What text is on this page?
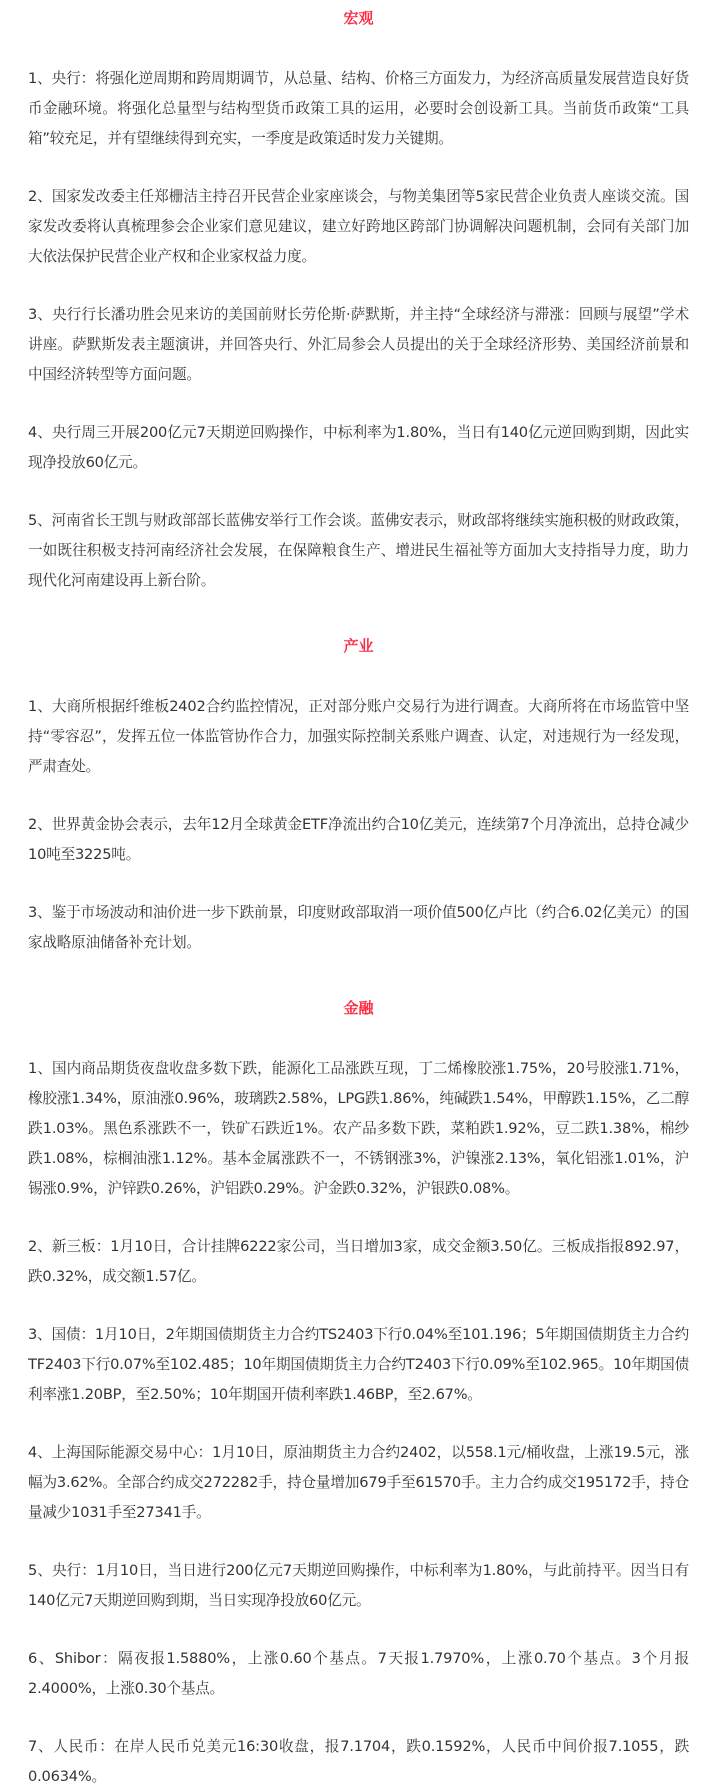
宏观

1、央行：将强化逆周期和跨周期调节，从总量、结构、价格三方面发力，为经济高质量发展营造良好货币金融环境。将强化总量型与结构型货币政策工具的运用，必要时会创设新工具。当前货币政策“工具箱”较充足，并有望继续得到充实，一季度是政策适时发力关键期。

2、国家发改委主任郑栅洁主持召开民营企业家座谈会，与物美集团等5家民营企业负责人座谈交流。国家发改委将认真梳理参会企业家们意见建议，建立好跨地区跨部门协调解决问题机制，会同有关部门加大依法保护民营企业产权和企业家权益力度。

3、央行行长潘功胜会见来访的美国前财长劳伦斯·萨默斯，并主持“全球经济与滞涨：回顾与展望”学术讲座。萨默斯发表主题演讲，并回答央行、外汇局参会人员提出的关于全球经济形势、美国经济前景和中国经济转型等方面问题。

4、央行周三开展200亿元7天期逆回购操作，中标利率为1.80%，当日有140亿元逆回购到期，因此实现净投放60亿元。

5、河南省长王凯与财政部部长蓝佛安举行工作会谈。蓝佛安表示，财政部将继续实施积极的财政政策，一如既往积极支持河南经济社会发展，在保障粮食生产、增进民生福祉等方面加大支持指导力度，助力现代化河南建设再上新台阶。

产业

1、大商所根据纤维板2402合约监控情况，正对部分账户交易行为进行调查。大商所将在市场监管中坚持“零容忍”，发挥五位一体监管协作合力，加强实际控制关系账户调查、认定，对违规行为一经发现，严肃查处。

2、世界黄金协会表示，去年12月全球黄金ETF净流出约合10亿美元，连续第7个月净流出，总持仓减少10吨至3225吨。

3、鉴于市场波动和油价进一步下跌前景，印度财政部取消一项价值500亿卢比（约合6.02亿美元）的国家战略原油储备补充计划。

金融

1、国内商品期货夜盘收盘多数下跌，能源化工品涨跌互现，丁二烯橡胶涨1.75%，20号胶涨1.71%，橡胶涨1.34%，原油涨0.96%，玻璃跌2.58%，LPG跌1.86%，纯碱跌1.54%，甲醇跌1.15%，乙二醇跌1.03%。黑色系涨跌不一，铁矿石跌近1%。农产品多数下跌，菜粕跌1.92%，豆二跌1.38%，棉纱跌1.08%，棕榈油涨1.12%。基本金属涨跌不一，不锈钢涨3%，沪镍涨2.13%，氧化铝涨1.01%，沪锡涨0.9%，沪锌跌0.26%，沪铝跌0.29%。沪金跌0.32%，沪银跌0.08%。

2、新三板：1月10日，合计挂牌6222家公司，当日增加3家，成交金额3.50亿。三板成指报892.97，跌0.32%，成交额1.57亿。

3、国债：1月10日，2年期国债期货主力合约TS2403下行0.04%至101.196；5年期国债期货主力合约TF2403下行0.07%至102.485；10年期国债期货主力合约T2403下行0.09%至102.965。10年期国债利率涨1.20BP，至2.50%；10年期国开债利率跌1.46BP，至2.67%。

4、上海国际能源交易中心：1月10日，原油期货主力合约2402，以558.1元/桶收盘，上涨19.5元，涨幅为3.62%。全部合约成交272282手，持仓量增加679手至61570手。主力合约成交195172手，持仓量减少1031手至27341手。

5、央行：1月10日，当日进行200亿元7天期逆回购操作，中标利率为1.80%，与此前持平。因当日有140亿元7天期逆回购到期，当日实现净投放60亿元。

6、Shibor：隔夜报1.5880%，上涨0.60个基点。7天报1.7970%，上涨0.70个基点。3个月报2.4000%，上涨0.30个基点。

7、人民币：在岸人民币兑美元16:30收盘，报7.1704，跌0.1592%，人民币中间价报7.1055，跌0.0634%。
